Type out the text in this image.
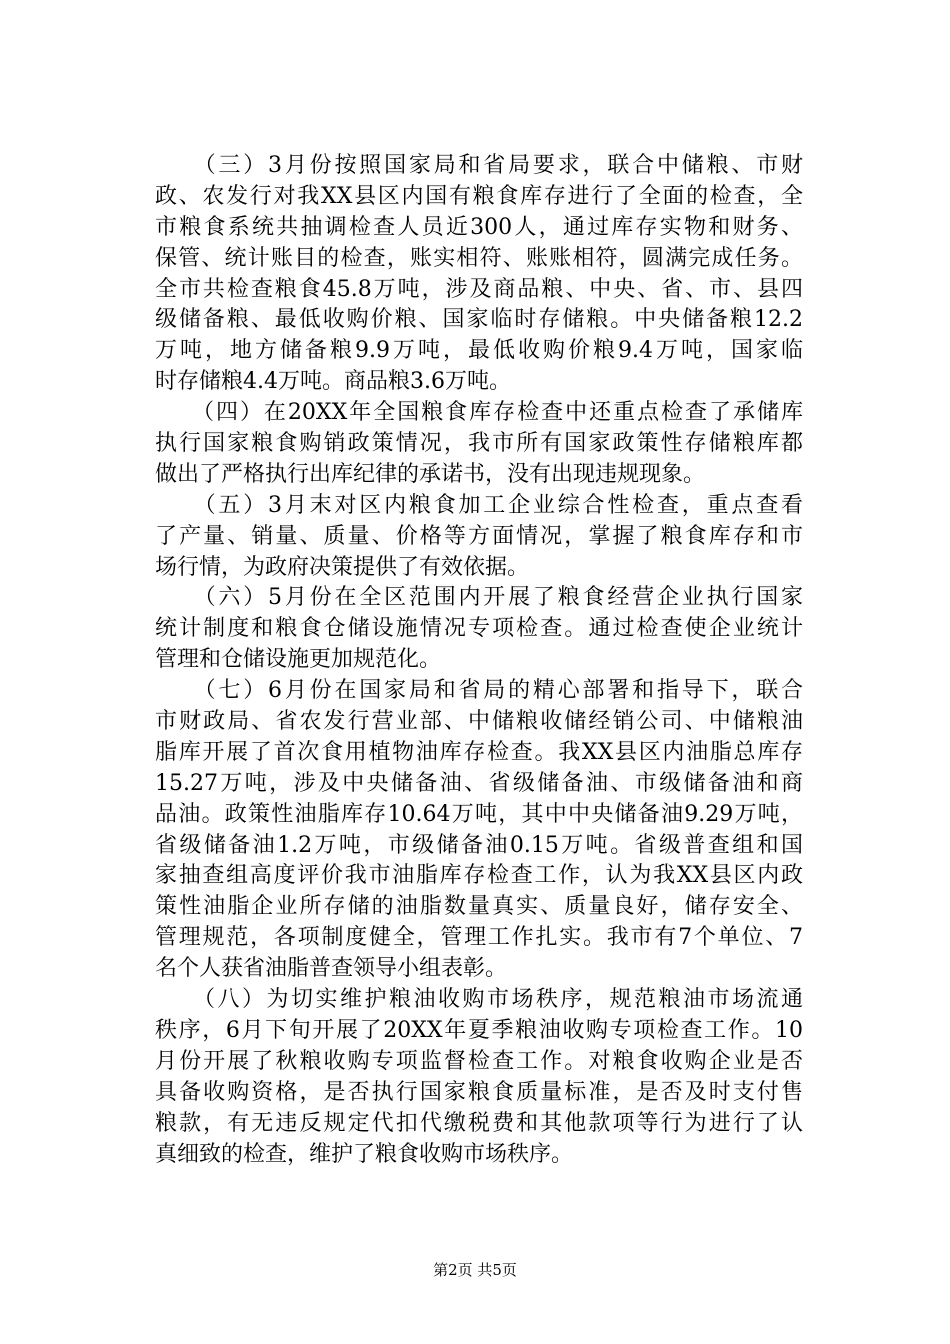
　　（三）3月份按照国家局和省局要求，联合中储粮、市财
政、农发行对我XX县区内国有粮食库存进行了全面的检查，全
市粮食系统共抽调检查人员近300人，通过库存实物和财务、
保管、统计账目的检查，账实相符、账账相符，圆满完成任务。
全市共检查粮食45.8万吨，涉及商品粮、中央、省、市、县四
级储备粮、最低收购价粮、国家临时存储粮。中央储备粮12.2
万吨，地方储备粮9.9万吨，最低收购价粮9.4万吨，国家临
时存储粮4.4万吨。商品粮3.6万吨。
　　（四）在20XX年全国粮食库存检查中还重点检查了承储库
执行国家粮食购销政策情况，我市所有国家政策性存储粮库都
做出了严格执行出库纪律的承诺书，没有出现违规现象。
　　（五）3月末对区内粮食加工企业综合性检查，重点查看
了产量、销量、质量、价格等方面情况，掌握了粮食库存和市
场行情，为政府决策提供了有效依据。
　　（六）5月份在全区范围内开展了粮食经营企业执行国家
统计制度和粮食仓储设施情况专项检查。通过检查使企业统计
管理和仓储设施更加规范化。
　　（七）6月份在国家局和省局的精心部署和指导下，联合
市财政局、省农发行营业部、中储粮收储经销公司、中储粮油
脂库开展了首次食用植物油库存检查。我XX县区内油脂总库存
15.27万吨，涉及中央储备油、省级储备油、市级储备油和商
品油。政策性油脂库存10.64万吨，其中中央储备油9.29万吨，
省级储备油1.2万吨，市级储备油0.15万吨。省级普查组和国
家抽查组高度评价我市油脂库存检查工作，认为我XX县区内政
策性油脂企业所存储的油脂数量真实、质量良好，储存安全、
管理规范，各项制度健全，管理工作扎实。我市有7个单位、7
名个人获省油脂普查领导小组表彰。
　　（八）为切实维护粮油收购市场秩序，规范粮油市场流通
秩序，6月下旬开展了20XX年夏季粮油收购专项检查工作。10
月份开展了秋粮收购专项监督检查工作。对粮食收购企业是否
具备收购资格，是否执行国家粮食质量标准，是否及时支付售
粮款，有无违反规定代扣代缴税费和其他款项等行为进行了认
真细致的检查，维护了粮食收购市场秩序。
第2页 共5页
